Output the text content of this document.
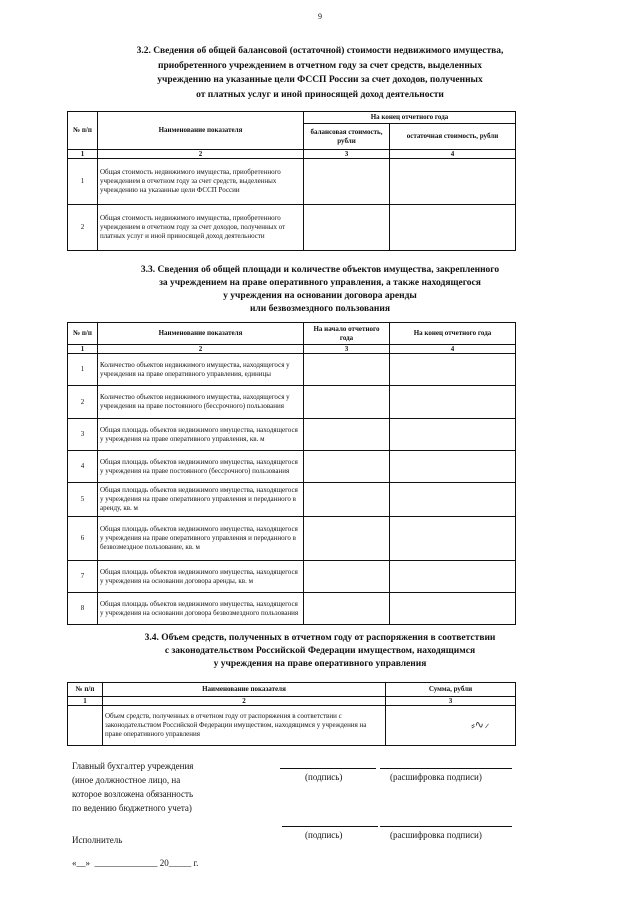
9
3.2. Сведения об общей балансовой (остаточной) стоимости недвижимого имущества,
приобретенного учреждением в отчетном году за счет средств, выделенных
учреждению на указанные цели ФССП России за счет доходов, полученных
от платных услуг и иной приносящей доход деятельности
№ п/п	Наименование показателя	На конец отчетного года	
		балансовая стоимость, рубли	остаточная стоимость, рубли
1	2	3	4
1	Общая стоимость недвижимого имущества, приобретенного учреждением в отчетном году за счет средств, выделенных учреждению на указанные цели ФССП России		
2	Общая стоимость недвижимого имущества, приобретенного учреждением в отчетном году за счет доходов, полученных от платных услуг и иной приносящей доход деятельности		
3.3. Сведения об общей площади и количестве объектов имущества, закрепленного
за учреждением на праве оперативного управления, а также находящегося
у учреждения на основании договора аренды
или безвозмездного пользования
№ п/п	Наименование показателя	На начало отчетного года	На конец отчетного года
1	2	3	4
1	Количество объектов недвижимого имущества, находящегося у учреждения на праве оперативного управления, единицы		
2	Количество объектов недвижимого имущества, находящегося у учреждения на праве постоянного (бессрочного) пользования		
3	Общая площадь объектов недвижимого имущества, находящегося у учреждения на праве оперативного управления, кв. м		
4	Общая площадь объектов недвижимого имущества, находящегося у учреждения на праве постоянного (бессрочного) пользования		
5	Общая площадь объектов недвижимого имущества, находящегося у учреждения на праве оперативного управления и переданного в аренду, кв. м		
6	Общая площадь объектов недвижимого имущества, находящегося у учреждения на праве оперативного управления и переданного в безвозмездное пользование, кв. м		
7	Общая площадь объектов недвижимого имущества, находящегося у учреждения на основании договора аренды, кв. м		
8	Общая площадь объектов недвижимого имущества, находящегося у учреждения на основании договора безвозмездного пользования		
3.4. Объем средств, полученных в отчетном году от распоряжения в соответствии
с законодательством Российской Федерации имуществом, находящимся
у учреждения на праве оперативного управления
№ п/п	Наименование показателя	Сумма, рубли
1	2	3
	Объем средств, полученных в отчетном году от распоряжения в соответствии с законодательством Российской Федерации имуществом, находящимся у учреждения на праве оперативного управления	⸗∿⸝
Главный бухгалтер учреждения
(иное должностное лицо, на
которое возложена обязанность
по ведению бюджетного учета)
(подпись)	(расшифровка подписи)
Исполнитель	(подпись)	(расшифровка подписи)
«__»  ______________ 20_____ г.
